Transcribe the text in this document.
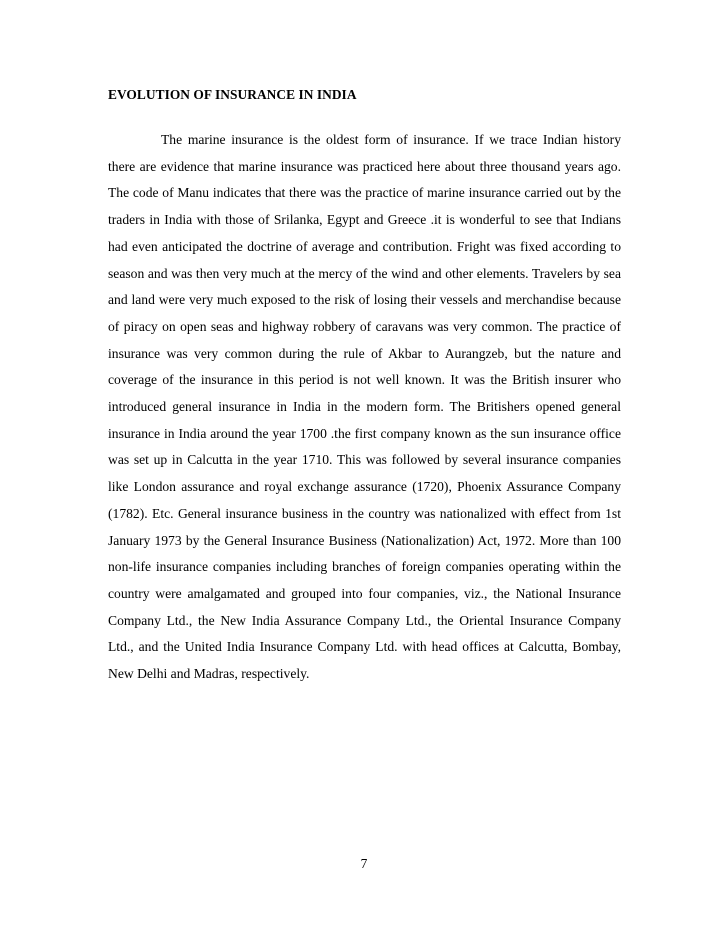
EVOLUTION OF INSURANCE IN INDIA

The marine insurance is the oldest form of insurance. If we trace Indian history there are evidence that marine insurance was practiced here about three thousand years ago. The code of Manu indicates that there was the practice of marine insurance carried out by the traders in India with those of Srilanka, Egypt and Greece .it is wonderful to see that Indians had even anticipated the doctrine of average and contribution. Fright was fixed according to season and was then very much at the mercy of the wind and other elements. Travelers by sea and land were very much exposed to the risk of losing their vessels and merchandise because of piracy on open seas and highway robbery of caravans was very common. The practice of insurance was very common during the rule of Akbar to Aurangzeb, but the nature and coverage of the insurance in this period is not well known. It was the British insurer who introduced general insurance in India in the modern form. The Britishers opened general insurance in India around the year 1700 .the first company known as the sun insurance office was set up in Calcutta in the year 1710. This was followed by several insurance companies like London assurance and royal exchange assurance (1720), Phoenix Assurance Company (1782). Etc. General insurance business in the country was nationalized with effect from 1st January 1973 by the General Insurance Business (Nationalization) Act, 1972. More than 100 non-life insurance companies including branches of foreign companies operating within the country were amalgamated and grouped into four companies, viz., the National Insurance Company Ltd., the New India Assurance Company Ltd., the Oriental Insurance Company Ltd., and the United India Insurance Company Ltd. with head offices at Calcutta, Bombay, New Delhi and Madras, respectively.

7
